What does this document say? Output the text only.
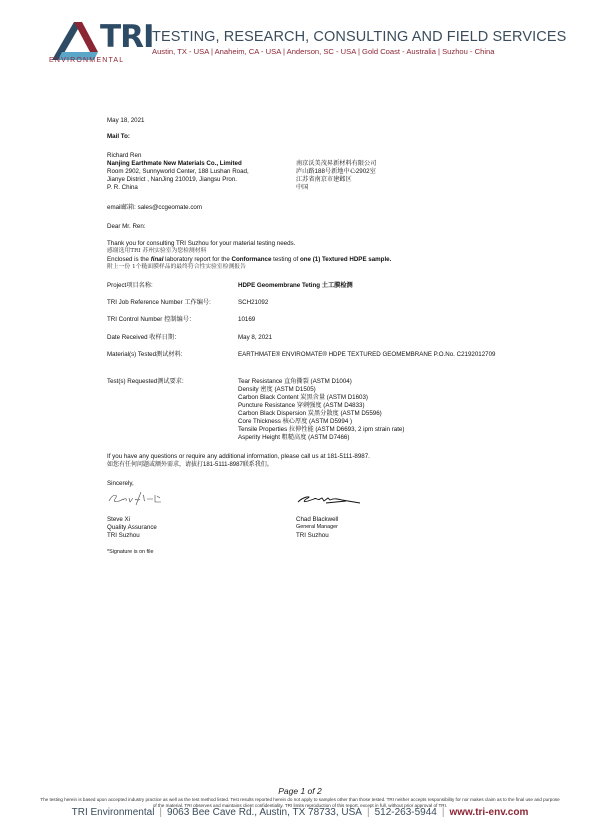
TRI
ENVIRONMENTAL
TESTING, RESEARCH, CONSULTING AND FIELD SERVICES
Austin, TX - USA | Anaheim, CA - USA | Anderson, SC - USA | Gold Coast - Australia | Suzhou - China
May 18, 2021
Mail To:
Richard Ren
Nanjing Earthmate New Materials Co., Limited
Room 2902, Sunnyworld Center, 188 Lushan Road,
Jianye District , NanJing 210019, Jiangsu Pron.
P. R. China
南京沃美茂昇新材料有限公司
庐山路188号新地中心2902室
江苏省南京市建邺区
中国
email邮箱: sales@ccgeomate.com
Dear Mr. Ren:
Thank you for consulting TRI Suzhou for your material testing needs.
感谢选用TRI 苏州实验室为您检测材料
Enclosed is the final laboratory report for the Conformance testing of one (1) Textured HDPE sample.
附上一份 1个糙面膜样品的最终符合性实验室检测报告
Project项目名称:	HDPE Geomembrane Teting 土工膜检测
TRI Job Reference Number 工作编号:	SCH21092
TRI Control Number 控制编号：	10169
Date Received 收样日期：	May 8, 2021
Material(s) Tested测试材料:	EARTHMATE® ENVIROMATE® HDPE TEXTURED GEOMEMBRANE P.O.No. C2192012709
Test(s) Requested测试要求:	Tear Resistance 直角撕裂 (ASTM D1004)
Density 密度 (ASTM D1505)
Carbon Black Content 炭黑含量 (ASTM D1603)
Puncture Resistance 穿刺强度 (ASTM D4833)
Carbon Black Dispersion 炭黑分散度 (ASTM D5596)
Core Thickness 核心厚度 (ASTM D5994 )
Tensile Properties 拉伸性能 (ASTM D6693, 2 ipm strain rate)
Asperity Height 粗糙高度 (ASTM D7466)
If you have any questions or require any additional information, please call us at 181-5111-8987.
如您有任何问题或额外需求，请拔打181-5111-8987联系我们。
Sincerely,
Steve Xi
Quality Assurance
TRI Suzhou
Chad Blackwell
General Manager
TRI Suzhou
*Signature is on file
Page 1 of 2
The testing herein is based upon accepted industry practice as well as the test method listed. Test results reported herein do not apply to samples other than those tested. TRI neither accepts responsibility for nor makes claim as to the final use and purpose of the material. TRI observes and maintains client confidentiality. TRI limits reproduction of this report, except in full, without prior approval of TRI.
TRI Environmental | 9063 Bee Cave Rd., Austin, TX 78733, USA | 512-263-5944 | www.tri-env.com
